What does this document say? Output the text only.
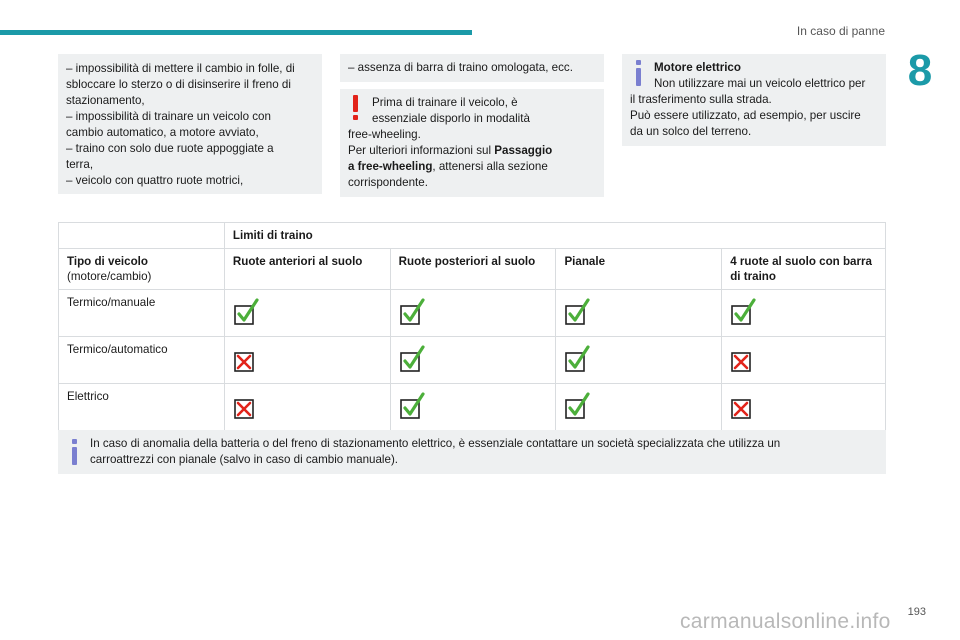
In caso di panne
8
– impossibilità di mettere il cambio in folle, di
sbloccare lo sterzo o di disinserire il freno di
stazionamento,
– impossibilità di trainare un veicolo con
cambio automatico, a motore avviato,
– traino con solo due ruote appoggiate a
terra,
– veicolo con quattro ruote motrici,
– assenza di barra di traino omologata, ecc.
Prima di trainare il veicolo, è
essenziale disporlo in modalità
free-wheeling.
Per ulteriori informazioni sul Passaggio
a free-wheeling, attenersi alla sezione
corrispondente.
Motore elettrico
Non utilizzare mai un veicolo elettrico per
il trasferimento sulla strada.
Può essere utilizzato, ad esempio, per uscire
da un solco del terreno.
	Limiti di traino			

Tipo di veicolo
(motore/cambio)	Ruote anteriori al suolo	Ruote posteriori al suolo	Pianale	4 ruote al suolo con barra di traino
Termico/manuale				
Termico/automatico				
Elettrico				
In caso di anomalia della batteria o del freno di stazionamento elettrico, è essenziale contattare un società specializzata che utilizza un
carroattrezzi con pianale (salvo in caso di cambio manuale).
193
carmanualsonline.info
